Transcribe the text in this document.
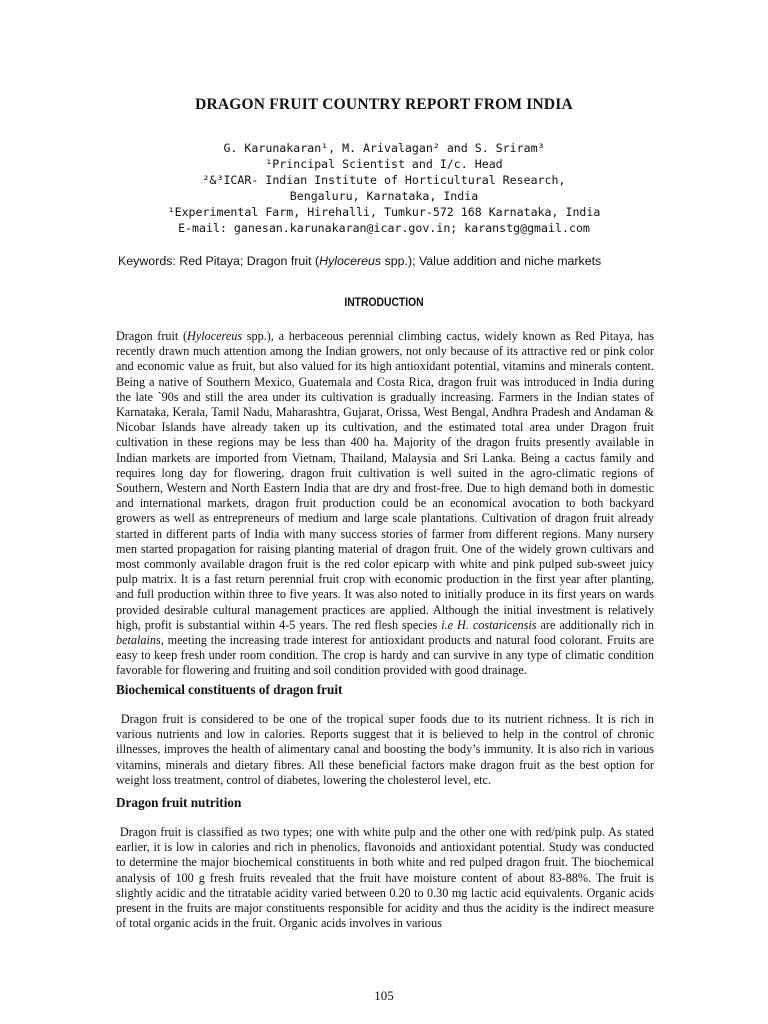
DRAGON FRUIT COUNTRY REPORT FROM INDIA
G. Karunakaran¹, M. Arivalagan² and S. Sriram³
¹Principal Scientist and I/c. Head
²&³ICAR- Indian Institute of Horticultural Research,
Bengaluru, Karnataka, India
¹Experimental Farm, Hirehalli, Tumkur-572 168 Karnataka, India
E-mail: ganesan.karunakaran@icar.gov.in; karanstg@gmail.com
Keywords: Red Pitaya; Dragon fruit (Hylocereus spp.); Value addition and niche markets
INTRODUCTION
Dragon fruit (Hylocereus spp.), a herbaceous perennial climbing cactus, widely known as Red Pitaya, has recently drawn much attention among the Indian growers, not only because of its attractive red or pink color and economic value as fruit, but also valued for its high antioxidant potential, vitamins and minerals content. Being a native of Southern Mexico, Guatemala and Costa Rica, dragon fruit was introduced in India during the late `90s and still the area under its cultivation is gradually increasing. Farmers in the Indian states of Karnataka, Kerala, Tamil Nadu, Maharashtra, Gujarat, Orissa, West Bengal, Andhra Pradesh and Andaman & Nicobar Islands have already taken up its cultivation, and the estimated total area under Dragon fruit cultivation in these regions may be less than 400 ha. Majority of the dragon fruits presently available in Indian markets are imported from Vietnam, Thailand, Malaysia and Sri Lanka. Being a cactus family and requires long day for flowering, dragon fruit cultivation is well suited in the agro-climatic regions of Southern, Western and North Eastern India that are dry and frost-free. Due to high demand both in domestic and international markets, dragon fruit production could be an economical avocation to both backyard growers as well as entrepreneurs of medium and large scale plantations. Cultivation of dragon fruit already started in different parts of India with many success stories of farmer from different regions. Many nursery men started propagation for raising planting material of dragon fruit. One of the widely grown cultivars and most commonly available dragon fruit is the red color epicarp with white and pink pulped sub-sweet juicy pulp matrix. It is a fast return perennial fruit crop with economic production in the first year after planting, and full production within three to five years. It was also noted to initially produce in its first years on wards provided desirable cultural management practices are applied. Although the initial investment is relatively high, profit is substantial within 4-5 years. The red flesh species i.e H. costaricensis are additionally rich in betalains, meeting the increasing trade interest for antioxidant products and natural food colorant. Fruits are easy to keep fresh under room condition. The crop is hardy and can survive in any type of climatic condition favorable for flowering and fruiting and soil condition provided with good drainage.
Biochemical constituents of dragon fruit
Dragon fruit is considered to be one of the tropical super foods due to its nutrient richness. It is rich in various nutrients and low in calories. Reports suggest that it is believed to help in the control of chronic illnesses, improves the health of alimentary canal and boosting the body’s immunity. It is also rich in various vitamins, minerals and dietary fibres. All these beneficial factors make dragon fruit as the best option for weight loss treatment, control of diabetes, lowering the cholesterol level, etc.
Dragon fruit nutrition
Dragon fruit is classified as two types; one with white pulp and the other one with red/pink pulp. As stated earlier, it is low in calories and rich in phenolics, flavonoids and antioxidant potential. Study was conducted to determine the major biochemical constituents in both white and red pulped dragon fruit. The biochemical analysis of 100 g fresh fruits revealed that the fruit have moisture content of about 83-88%. The fruit is slightly acidic and the titratable acidity varied between 0.20 to 0.30 mg lactic acid equivalents. Organic acids present in the fruits are major constituents responsible for acidity and thus the acidity is the indirect measure of total organic acids in the fruit. Organic acids involves in various
105
